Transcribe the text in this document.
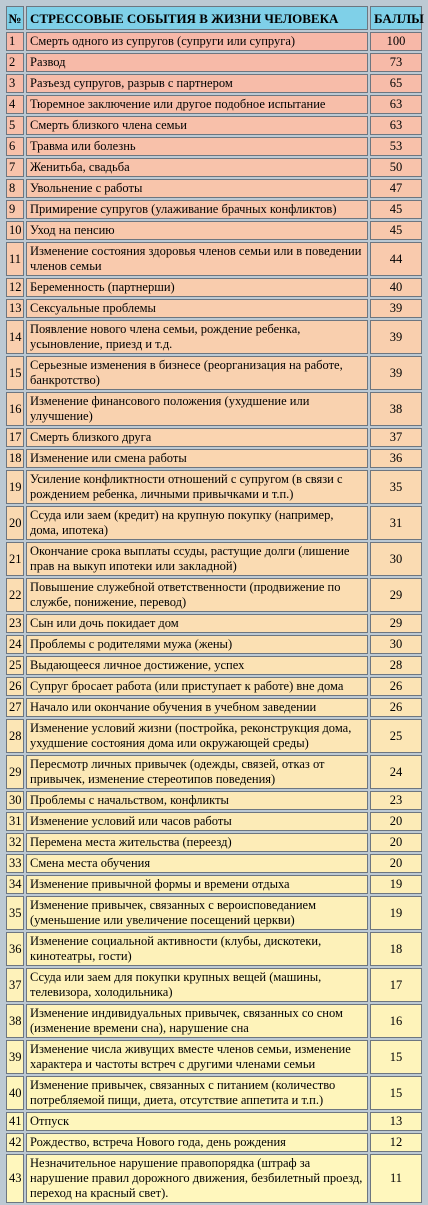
№	СТРЕССОВЫЕ СОБЫТИЯ В ЖИЗНИ ЧЕЛОВЕКА	БАЛЛЫ
1	Смерть одного из супругов (супруги или супруга)	100
2	Развод	73
3	Разъезд супругов, разрыв с партнером	65
4	Тюремное заключение или другое подобное испытание	63
5	Смерть близкого члена семьи	63
6	Травма или болезнь	53
7	Женитьба, свадьба	50
8	Увольнение с работы	47
9	Примирение супругов (улаживание брачных конфликтов)	45
10	Уход на пенсию	45
11	Изменение состояния здоровья членов семьи или в поведении членов семьи	44
12	Беременность (партнерши)	40
13	Сексуальные проблемы	39
14	Появление нового члена семьи, рождение ребенка, усыновление, приезд и т.д.	39
15	Серьезные изменения в бизнесе (реорганизация на работе, банкротство)	39
16	Изменение финансового положения (ухудшение или улучшение)	38
17	Смерть близкого друга	37
18	Изменение или смена работы	36
19	Усиление конфликтности отношений с супругом (в связи с рождением ребенка, личными привычками и т.п.)	35
20	Ссуда или заем (кредит) на крупную покупку (например, дома, ипотека)	31
21	Окончание срока выплаты ссуды, растущие долги (лишение прав на выкуп ипотеки или закладной)	30
22	Повышение служебной ответственности (продвижение по службе, понижение, перевод)	29
23	Сын или дочь покидает дом	29
24	Проблемы с родителями мужа (жены)	30
25	Выдающееся личное достижение, успех	28
26	Супруг бросает работа (или приступает к работе) вне дома	26
27	Начало или окончание обучения в учебном заведении	26
28	Изменение условий жизни (постройка, реконструкция дома, ухудшение состояния дома или окружающей среды)	25
29	Пересмотр личных привычек (одежды, связей, отказ от привычек, изменение стереотипов поведения)	24
30	Проблемы с начальством, конфликты	23
31	Изменение условий или часов работы	20
32	Перемена места жительства (переезд)	20
33	Смена места обучения	20
34	Изменение привычной формы и времени отдыха	19
35	Изменение привычек, связанных с вероисповеданием (уменьшение или увеличение посещений церкви)	19
36	Изменение социальной активности (клубы, дискотеки, кинотеатры, гости)	18
37	Ссуда или заем для покупки крупных вещей (машины, телевизора, холодильника)	17
38	Изменение индивидуальных привычек, связанных со сном (изменение времени сна), нарушение сна	16
39	Изменение числа живущих вместе членов семьи, изменение характера и частоты встреч с другими членами семьи	15
40	Изменение привычек, связанных с питанием (количество потребляемой пищи, диета, отсутствие аппетита и т.п.)	15
41	Отпуск	13
42	Рождество, встреча Нового года, день рождения	12
43	Незначительное нарушение правопорядка (штраф за нарушение правил дорожного движения, безбилетный проезд, переход на красный свет).	11
